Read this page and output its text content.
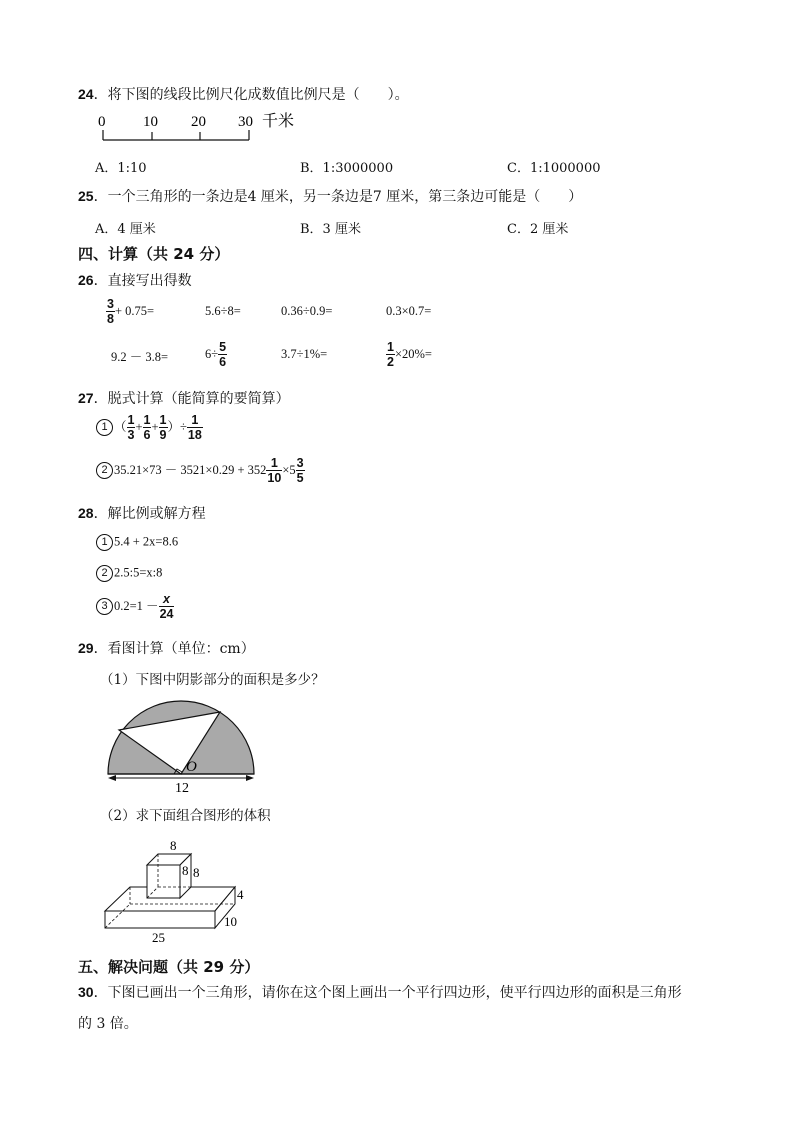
24．将下图的线段比例尺化成数值比例尺是（　　）。
0	10 20 30 千米
A．1:10	B．1:3000000	C．1:1000000
25．一个三角形的一条边是4 厘米，另一条边是7 厘米，第三条边可能是（　　）
A．4 厘米	B．3 厘米	C．2 厘米
四、计算（共 24 分）
26．直接写出得数
$\frac{3}{8} + 0.75=$	5.6÷8=	0.36÷0.9=	0.3×0.7=
9.2 － 3.8=	$6\div \frac{5}{6}$	3.7÷1%=	$\frac{1}{2} \times 20\%=$
27．脱式计算（能简算的要简算）
1 （ $\frac{1}{3} + \frac{1}{6} + \frac{1}{9}$ ）÷ $\frac{1}{18}$
2 $35.21\times 73 - 3521\times 0.29 + 352 \frac{1}{10} \times 5 \frac{3}{5}$
28．解比例或解方程
1 5.4 + 2x=8.6
2 2.5:5=x:8
3 $0.2=1 - \frac{x}{24}$
29．看图计算（单位：cm）
（1）下图中阴影部分的面积是多少？
O
12
（2）求下面组合图形的体积
8
8 8
4
10
25
五、解决问题（共 29 分）
30．下图已画出一个三角形，请你在这个图上画出一个平行四边形，使平行四边形的面积是三角形
的 3 倍。
